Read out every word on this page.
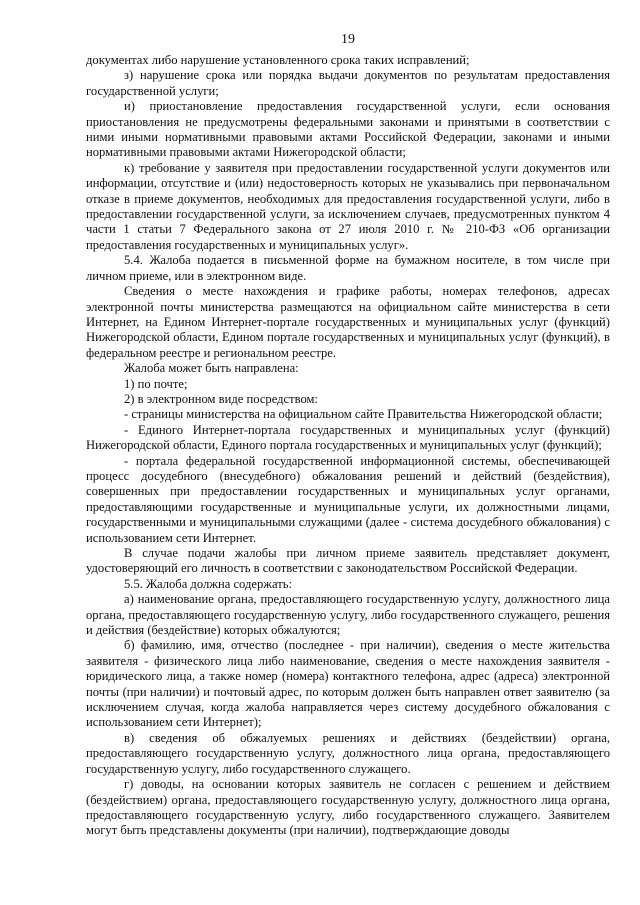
19

документах либо нарушение установленного срока таких исправлений;

з) нарушение срока или порядка выдачи документов по результатам предоставления государственной услуги;

и) приостановление предоставления государственной услуги, если основания приостановления не предусмотрены федеральными законами и принятыми в соответствии с ними иными нормативными правовыми актами Российской Федерации, законами и иными нормативными правовыми актами Нижегородской области;

к) требование у заявителя при предоставлении государственной услуги документов или информации, отсутствие и (или) недостоверность которых не указывались при первоначальном отказе в приеме документов, необходимых для предоставления государственной услуги, либо в предоставлении государственной услуги, за исключением случаев, предусмотренных пунктом 4 части 1 статьи 7 Федерального закона от 27 июля 2010 г. № 210-ФЗ «Об организации предоставления государственных и муниципальных услуг».

5.4. Жалоба подается в письменной форме на бумажном носителе, в том числе при личном приеме, или в электронном виде.

Сведения о месте нахождения и графике работы, номерах телефонов, адресах электронной почты министерства размещаются на официальном сайте министерства в сети Интернет, на Едином Интернет-портале государственных и муниципальных услуг (функций) Нижегородской области, Едином портале государственных и муниципальных услуг (функций), в федеральном реестре и региональном реестре.

Жалоба может быть направлена:

1) по почте;

2) в электронном виде посредством:

- страницы министерства на официальном сайте Правительства Нижегородской области;

- Единого Интернет-портала государственных и муниципальных услуг (функций) Нижегородской области, Единого портала государственных и муниципальных услуг (функций);

- портала федеральной государственной информационной системы, обеспечивающей процесс досудебного (внесудебного) обжалования решений и действий (бездействия), совершенных при предоставлении государственных и муниципальных услуг органами, предоставляющими государственные и муниципальные услуги, их должностными лицами, государственными и муниципальными служащими (далее - система досудебного обжалования) с использованием сети Интернет.

В случае подачи жалобы при личном приеме заявитель представляет документ, удостоверяющий его личность в соответствии с законодательством Российской Федерации.

5.5. Жалоба должна содержать:

а) наименование органа, предоставляющего государственную услугу, должностного лица органа, предоставляющего государственную услугу, либо государственного служащего, решения и действия (бездействие) которых обжалуются;

б) фамилию, имя, отчество (последнее - при наличии), сведения о месте жительства заявителя - физического лица либо наименование, сведения о месте нахождения заявителя - юридического лица, а также номер (номера) контактного телефона, адрес (адреса) электронной почты (при наличии) и почтовый адрес, по которым должен быть направлен ответ заявителю (за исключением случая, когда жалоба направляется через систему досудебного обжалования с использованием сети Интернет);

в) сведения об обжалуемых решениях и действиях (бездействии) органа, предоставляющего государственную услугу, должностного лица органа, предоставляющего государственную услугу, либо государственного служащего.

г) доводы, на основании которых заявитель не согласен с решением и действием (бездействием) органа, предоставляющего государственную услугу, должностного лица органа, предоставляющего государственную услугу, либо государственного служащего. Заявителем могут быть представлены документы (при наличии), подтверждающие доводы
